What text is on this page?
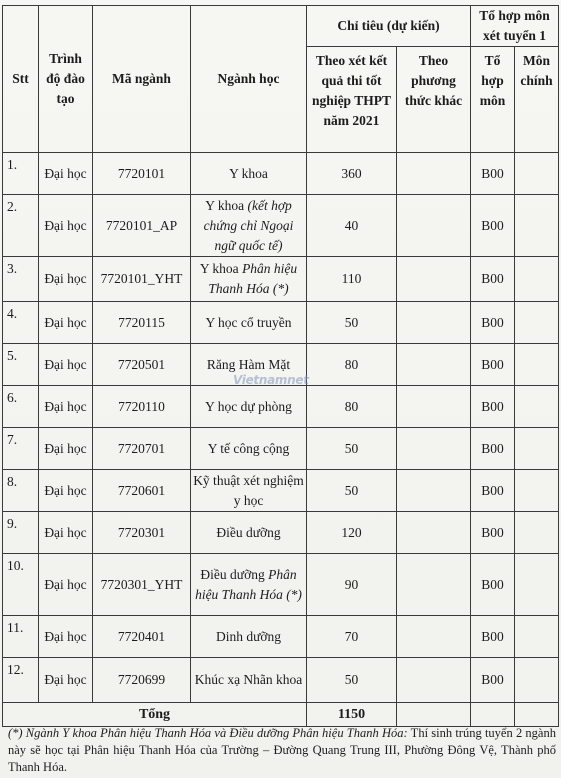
Stt	Trình độ đào tạo	Mã ngành	Ngành học	Chỉ tiêu (dự kiến)		Tổ hợp môn xét tuyển 1	
				Theo xét kết quả thi tốt nghiệp THPT năm 2021	Theo phương thức khác	Tổ hợp môn	Môn chính
1.	Đại học	7720101	Y khoa	360		B00	
2.	Đại học	7720101_AP	Y khoa (kết hợp chứng chỉ Ngoại ngữ quốc tế)	40		B00	
3.	Đại học	7720101_YHT	Y khoa Phân hiệu Thanh Hóa (*)	110		B00	
4.	Đại học	7720115	Y học cổ truyền	50		B00	
5.	Đại học	7720501	Răng Hàm Mặt	80		B00	
6.	Đại học	7720110	Y học dự phòng	80		B00	
7.	Đại học	7720701	Y tế công cộng	50		B00	
8.	Đại học	7720601	Kỹ thuật xét nghiệm y học	50		B00	
9.	Đại học	7720301	Điều dưỡng	120		B00	
10.	Đại học	7720301_YHT	Điều dưỡng Phân hiệu Thanh Hóa (*)	90		B00	
11.	Đại học	7720401	Dinh dưỡng	70		B00	
12.	Đại học	7720699	Khúc xạ Nhãn khoa	50		B00	
Tổng				1150			
Vietnamnet
(*) Ngành Y khoa Phân hiệu Thanh Hóa và Điều dưỡng Phân hiệu Thanh Hóa: Thí sinh trúng tuyển 2 ngành này sẽ học tại Phân hiệu Thanh Hóa của Trường – Đường Quang Trung III, Phường Đông Vệ, Thành phố Thanh Hóa.
